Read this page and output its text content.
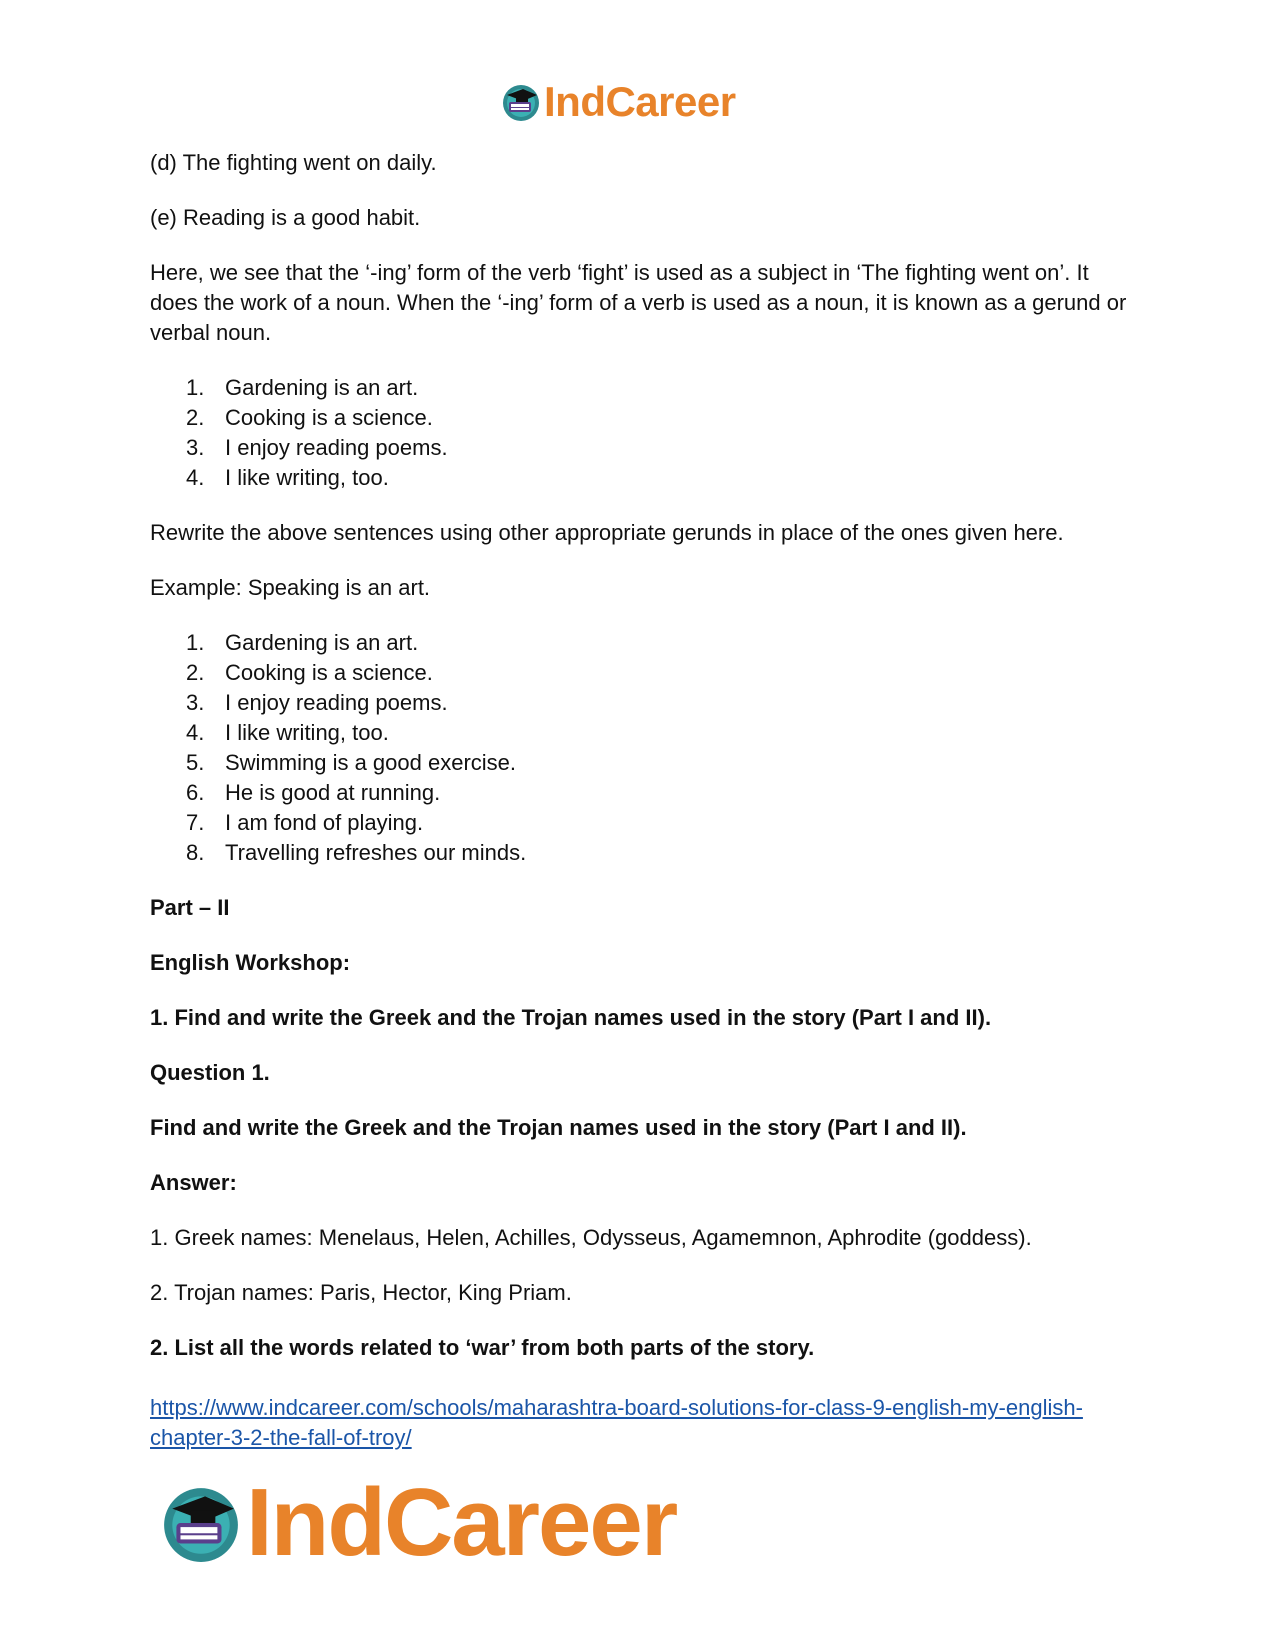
IndCareer

(d) The fighting went on daily.

(e) Reading is a good habit.

Here, we see that the ‘-ing’ form of the verb ‘fight’ is used as a subject in ‘The fighting went on’. It does the work of a noun. When the ‘-ing’ form of a verb is used as a noun, it is known as a gerund or verbal noun.

1. Gardening is an art.
2. Cooking is a science.
3. I enjoy reading poems.
4. I like writing, too.

Rewrite the above sentences using other appropriate gerunds in place of the ones given here.

Example: Speaking is an art.

1. Gardening is an art.
2. Cooking is a science.
3. I enjoy reading poems.
4. I like writing, too.
5. Swimming is a good exercise.
6. He is good at running.
7. I am fond of playing.
8. Travelling refreshes our minds.

Part – II

English Workshop:

1. Find and write the Greek and the Trojan names used in the story (Part I and II).

Question 1.

Find and write the Greek and the Trojan names used in the story (Part I and II).

Answer:

1. Greek names: Menelaus, Helen, Achilles, Odysseus, Agamemnon, Aphrodite (goddess).

2. Trojan names: Paris, Hector, King Priam.

2. List all the words related to ‘war’ from both parts of the story.

https://www.indcareer.com/schools/maharashtra-board-solutions-for-class-9-english-my-english-
chapter-3-2-the-fall-of-troy/

IndCareer
